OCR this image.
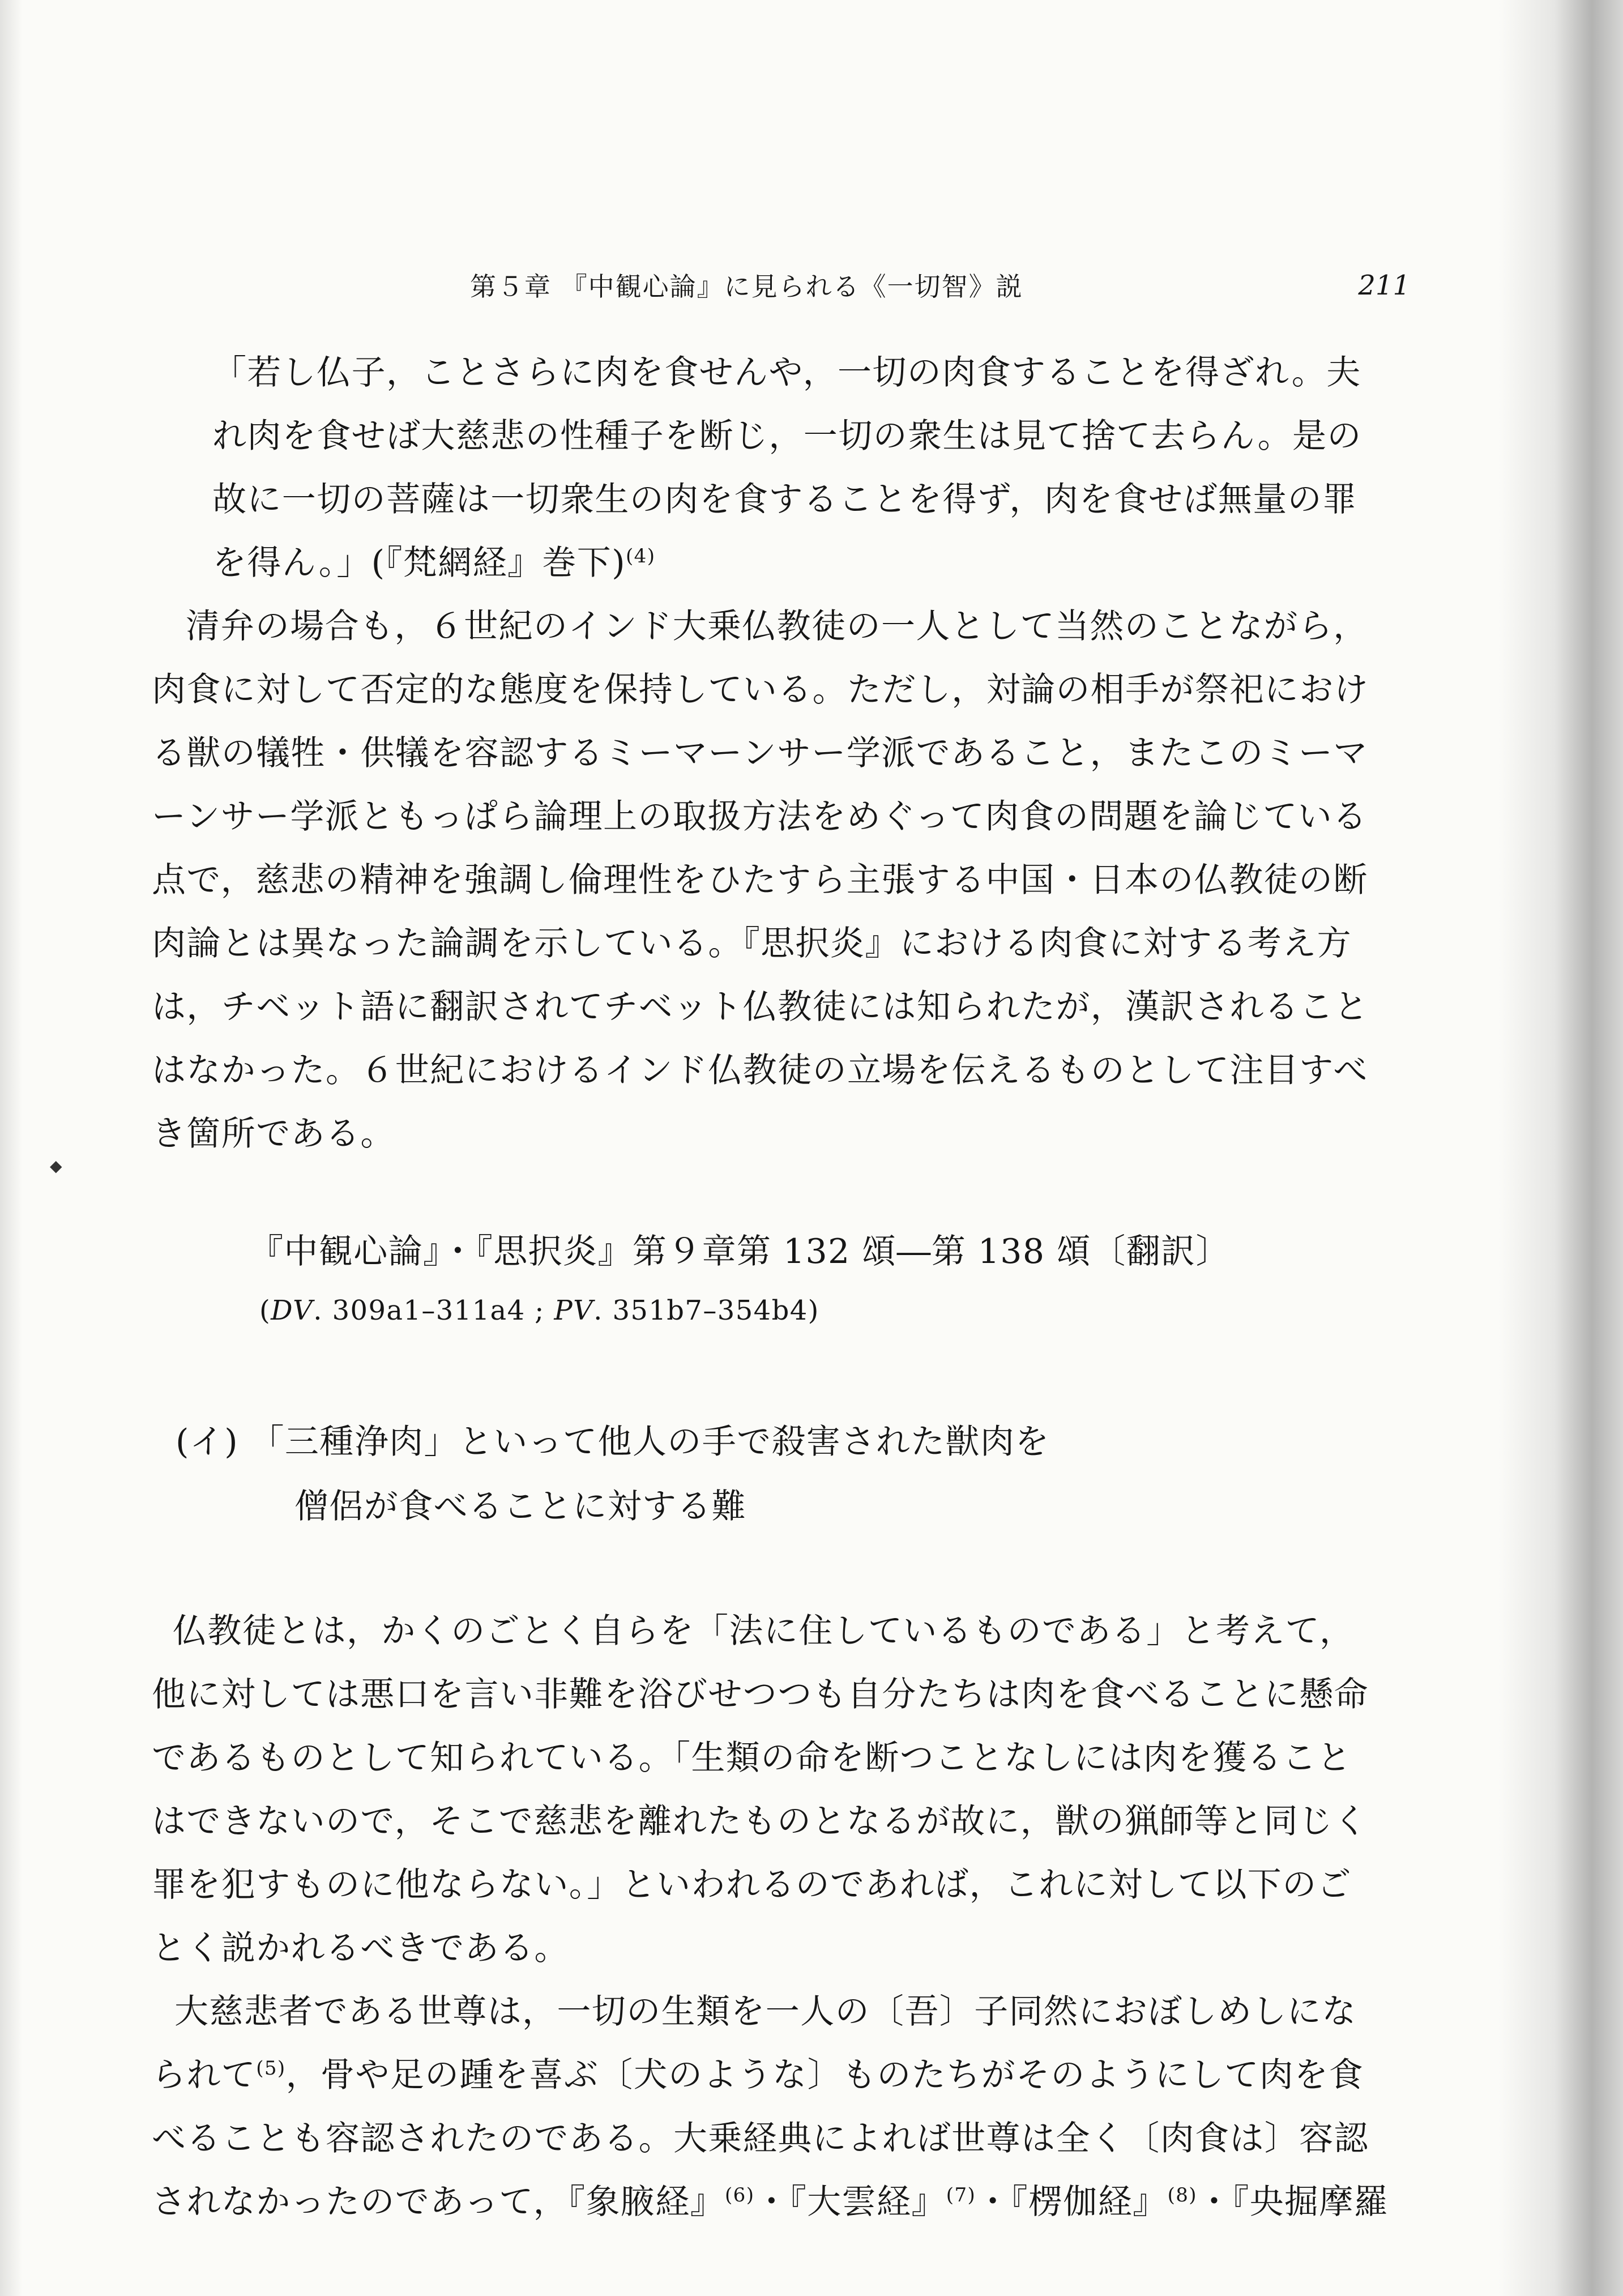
第５章 『中観心論』に見られる《一切智》説	211
「若し仏子，ことさらに肉を食せんや，一切の肉食することを得ざれ。夫
れ肉を食せば大慈悲の性種子を断じ，一切の衆生は見て捨て去らん。是の
故に一切の菩薩は一切衆生の肉を食することを得ず，肉を食せば無量の罪
を得ん。」(『梵網経』巻下)$^{(4)}$
清弁の場合も，６世紀のインド大乗仏教徒の一人として当然のことながら，
肉食に対して否定的な態度を保持している。ただし，対論の相手が祭祀におけ
る獣の犠牲・供犠を容認するミーマーンサー学派であること，またこのミーマ
ーンサー学派ともっぱら論理上の取扱方法をめぐって肉食の問題を論じている
点で，慈悲の精神を強調し倫理性をひたすら主張する中国・日本の仏教徒の断
肉論とは異なった論調を示している。『思択炎』における肉食に対する考え方
は，チベット語に翻訳されてチベット仏教徒には知られたが，漢訳されること
はなかった。６世紀におけるインド仏教徒の立場を伝えるものとして注目すべ
き箇所である。
◆
『中観心論』・『思択炎』第９章第 132 頌―第 138 頌〔翻訳〕
(DV. 309a1–311a4 ; PV. 351b7–354b4)
(イ) 「三種浄肉」といって他人の手で殺害された獣肉を
僧侶が食べることに対する難
仏教徒とは，かくのごとく自らを「法に住しているものである」と考えて，
他に対しては悪口を言い非難を浴びせつつも自分たちは肉を食べることに懸命
であるものとして知られている。「生類の命を断つことなしには肉を獲ること
はできないので，そこで慈悲を離れたものとなるが故に，獣の猟師等と同じく
罪を犯すものに他ならない。」といわれるのであれば，これに対して以下のご
とく説かれるべきである。
大慈悲者である世尊は，一切の生類を一人の〔吾〕子同然におぼしめしにな
られて$^{(5)}$，骨や足の踵を喜ぶ〔犬のような〕ものたちがそのようにして肉を食
べることも容認されたのである。大乗経典によれば世尊は全く〔肉食は〕容認
されなかったのであって，『象腋経』$^{(6)}$・『大雲経』$^{(7)}$・『楞伽経』$^{(8)}$・『央掘摩羅
